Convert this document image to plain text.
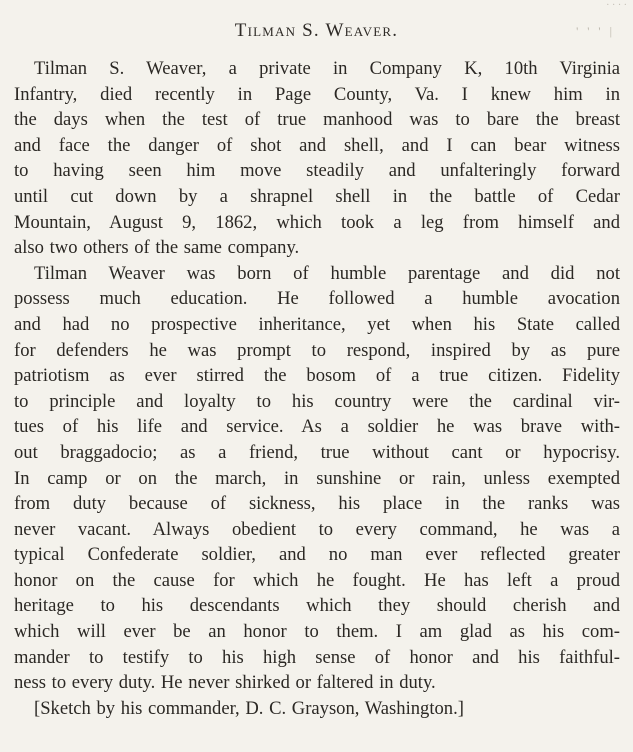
· · · ·
' ' ' |
Tilman S. Weaver.
Tilman S. Weaver, a private in Company K, 10th Virginia
Infantry, died recently in Page County, Va. I knew him in
the days when the test of true manhood was to bare the breast
and face the danger of shot and shell, and I can bear witness
to having seen him move steadily and unfalteringly forward
until cut down by a shrapnel shell in the battle of Cedar
Mountain, August 9, 1862, which took a leg from himself and
also two others of the same company.
Tilman Weaver was born of humble parentage and did not
possess much education. He followed a humble avocation
and had no prospective inheritance, yet when his State called
for defenders he was prompt to respond, inspired by as pure
patriotism as ever stirred the bosom of a true citizen. Fidelity
to principle and loyalty to his country were the cardinal vir-
tues of his life and service. As a soldier he was brave with-
out braggadocio; as a friend, true without cant or hypocrisy.
In camp or on the march, in sunshine or rain, unless exempted
from duty because of sickness, his place in the ranks was
never vacant. Always obedient to every command, he was a
typical Confederate soldier, and no man ever reflected greater
honor on the cause for which he fought. He has left a proud
heritage to his descendants which they should cherish and
which will ever be an honor to them. I am glad as his com-
mander to testify to his high sense of honor and his faithful-
ness to every duty. He never shirked or faltered in duty.
[Sketch by his commander, D. C. Grayson, Washington.]
